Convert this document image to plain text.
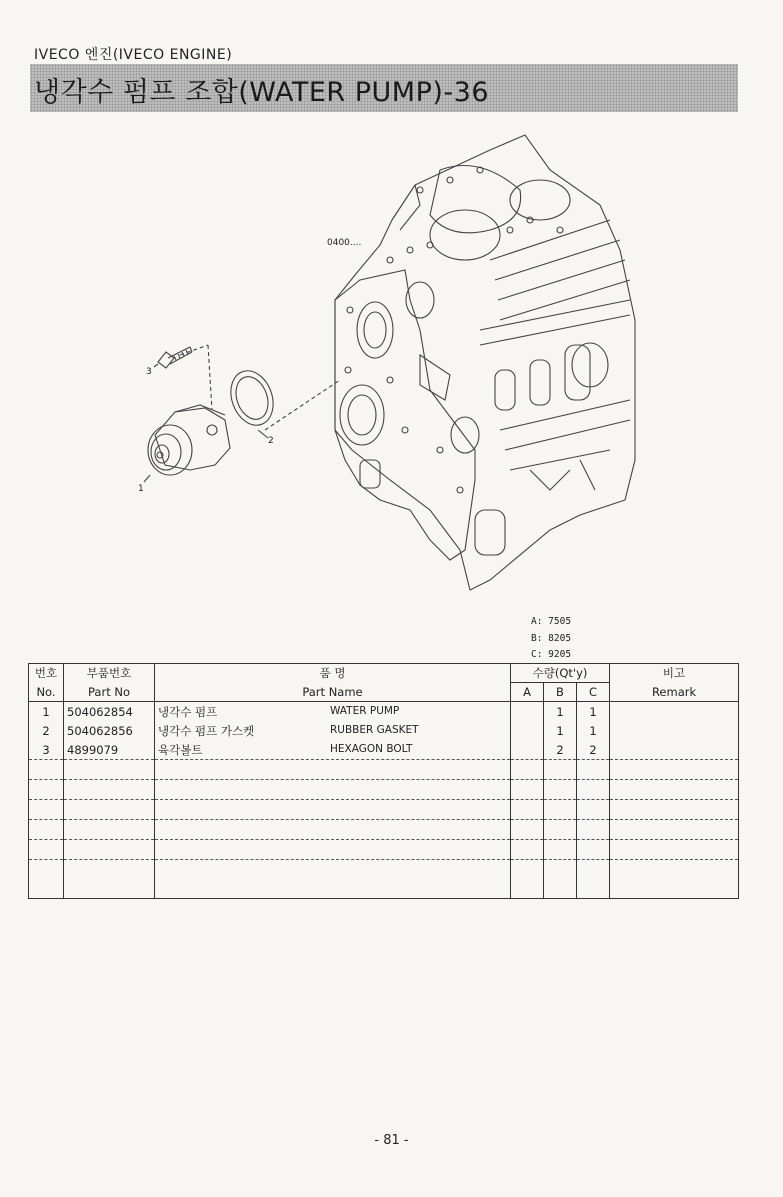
IVECO 엔진(IVECO ENGINE)
냉각수 펌프 조합(WATER PUMP)-36
0400....
1
2
3
A: 7505
B: 8205
C: 9205
번호	부품번호	품 명	수량(Qt'y)			비고
No.	Part No	Part Name	A	B	C	Remark
1	504062854	냉각수 펌프 WATER PUMP		1	1	
2	504062856	냉각수 펌프 가스켓 RUBBER GASKET		1	1	
3	4899079	육각볼트 HEXAGON BOLT		2	2	

- 81 -
